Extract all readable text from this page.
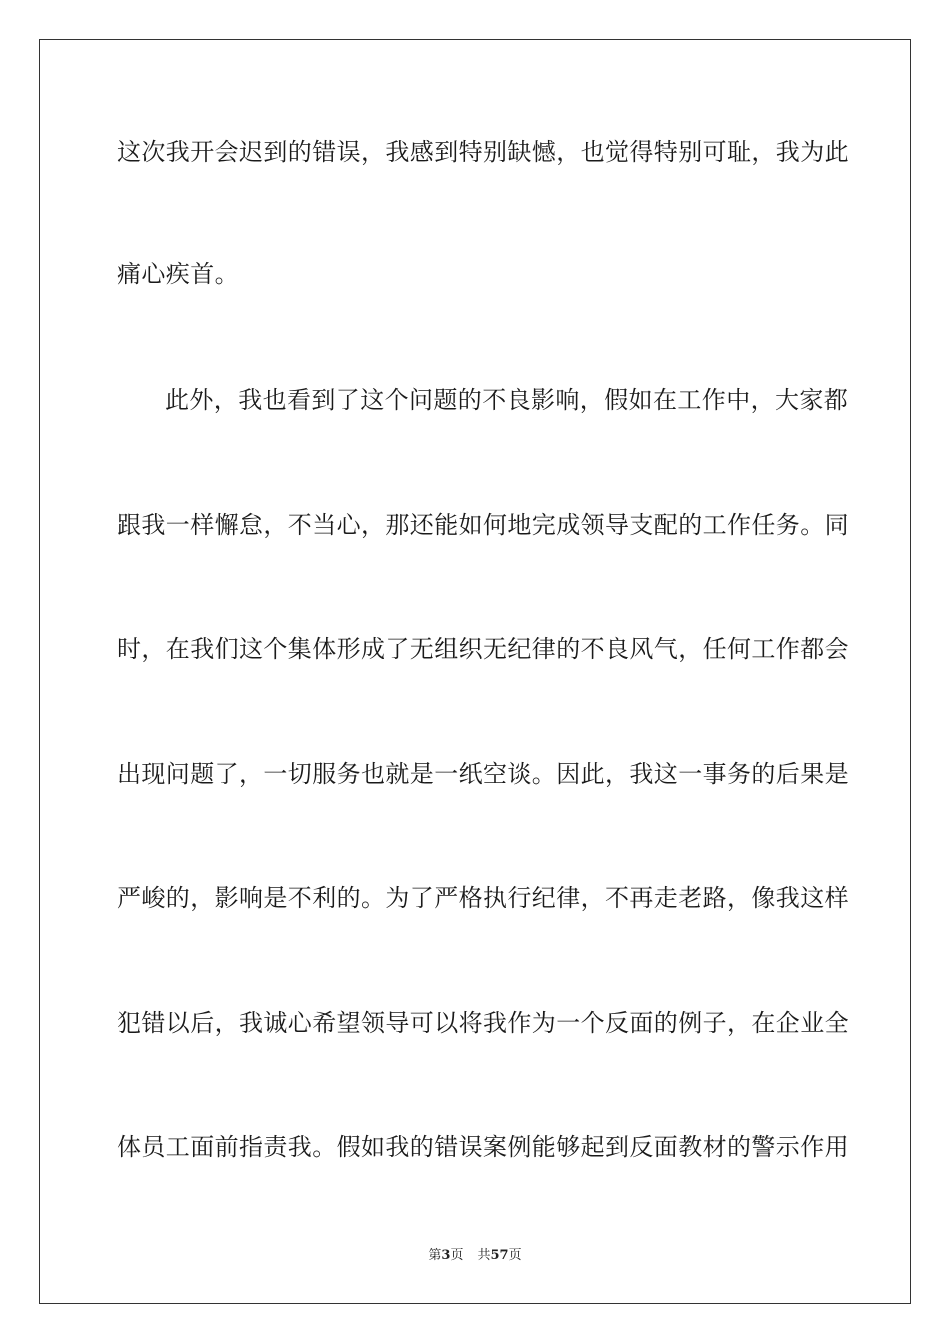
这次我开会迟到的错误，我感到特别缺憾，也觉得特别可耻，我为此
痛心疾首。
此外，我也看到了这个问题的不良影响，假如在工作中，大家都
跟我一样懈怠，不当心，那还能如何地完成领导支配的工作任务。同
时，在我们这个集体形成了无组织无纪律的不良风气，任何工作都会
出现问题了，一切服务也就是一纸空谈。因此，我这一事务的后果是
严峻的，影响是不利的。为了严格执行纪律，不再走老路，像我这样
犯错以后，我诚心希望领导可以将我作为一个反面的例子，在企业全
体员工面前指责我。假如我的错误案例能够起到反面教材的警示作用
第3页 共57页
